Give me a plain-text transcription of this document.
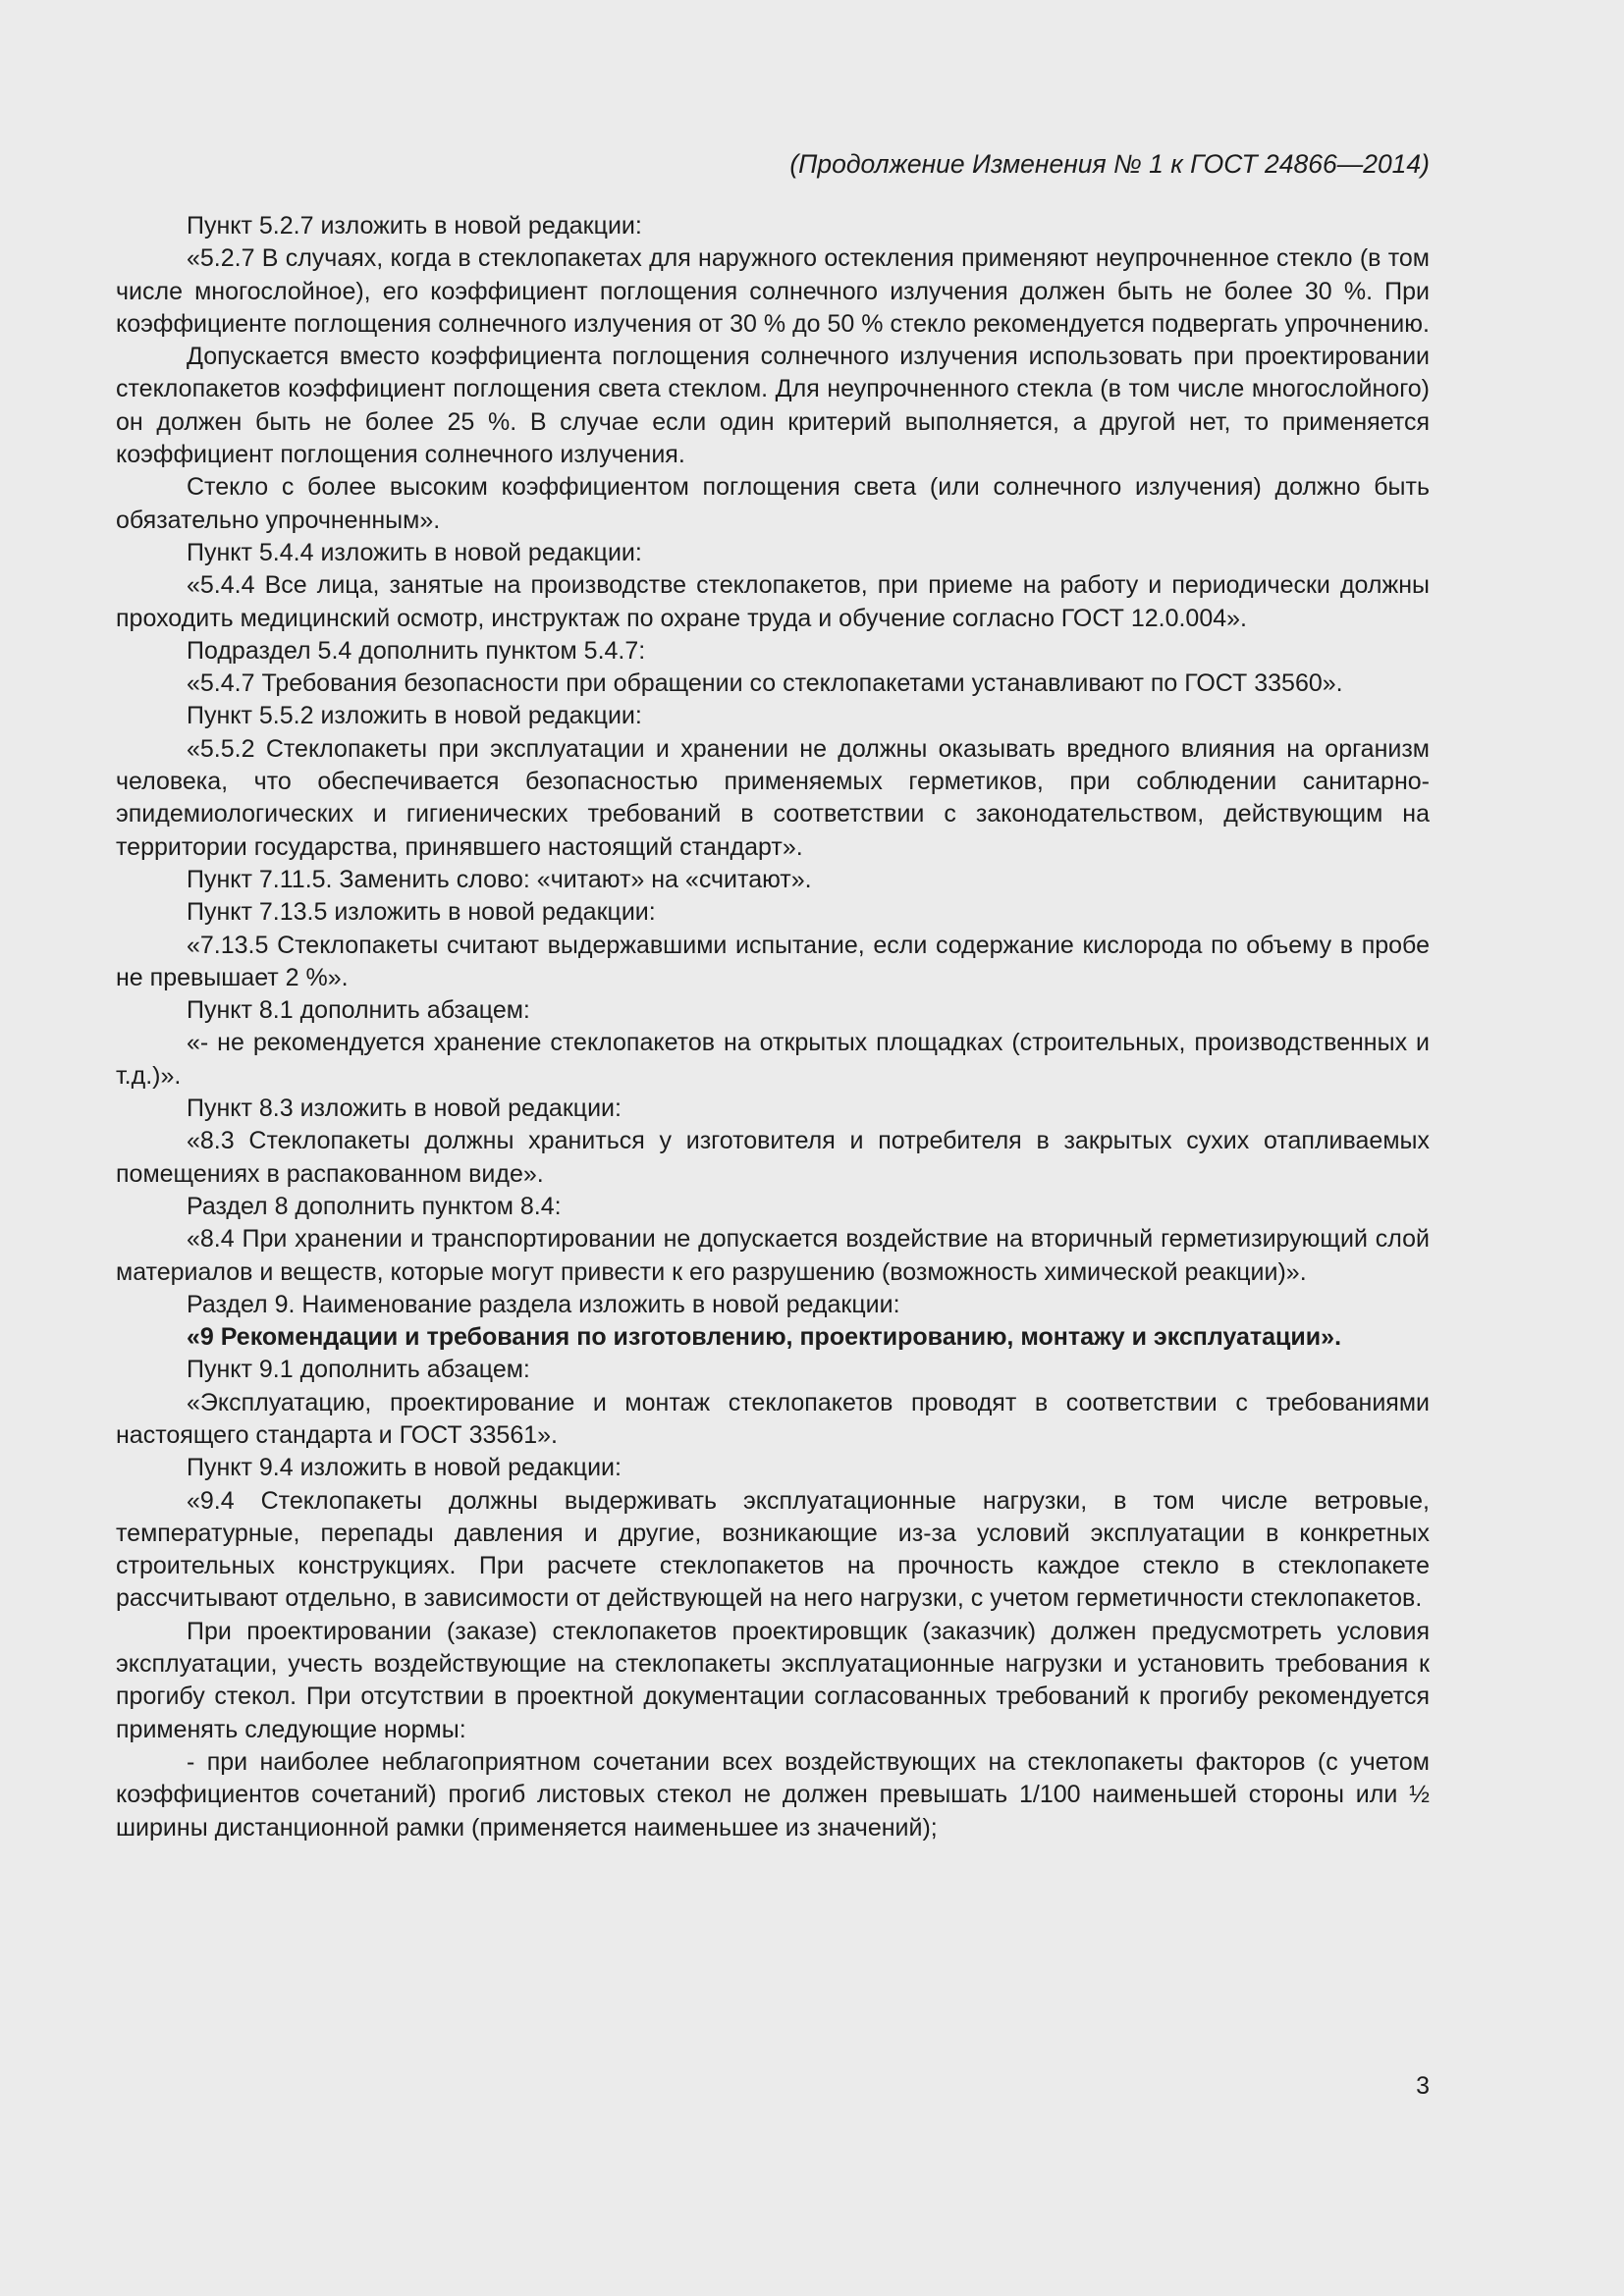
(Продолжение Изменения № 1 к ГОСТ 24866—2014)

Пункт 5.2.7 изложить в новой редакции:

«5.2.7 В случаях, когда в стеклопакетах для наружного остекления применяют неупрочненное стекло (в том числе многослойное), его коэффициент поглощения солнечного излучения должен быть не более 30 %. При коэффициенте поглощения солнечного излучения от 30 % до 50 % стекло рекомендуется подвергать упрочнению.

Допускается вместо коэффициента поглощения солнечного излучения использовать при проектировании стеклопакетов коэффициент поглощения света стеклом. Для неупрочненного стекла (в том числе многослойного) он должен быть не более 25 %. В случае если один критерий выполняется, а другой нет, то применяется коэффициент поглощения солнечного излучения.

Стекло с более высоким коэффициентом поглощения света (или солнечного излучения) должно быть обязательно упрочненным».

Пункт 5.4.4 изложить в новой редакции:

«5.4.4 Все лица, занятые на производстве стеклопакетов, при приеме на работу и периодически должны проходить медицинский осмотр, инструктаж по охране труда и обучение согласно ГОСТ 12.0.004».

Подраздел 5.4 дополнить пунктом 5.4.7:

«5.4.7 Требования безопасности при обращении со стеклопакетами устанавливают по ГОСТ 33560».

Пункт 5.5.2 изложить в новой редакции:

«5.5.2 Стеклопакеты при эксплуатации и хранении не должны оказывать вредного влияния на организм человека, что обеспечивается безопасностью применяемых герметиков, при соблюдении санитарно-эпидемиологических и гигиенических требований в соответствии с законодательством, действующим на территории государства, принявшего настоящий стандарт».

Пункт 7.11.5. Заменить слово: «читают» на «считают».

Пункт 7.13.5 изложить в новой редакции:

«7.13.5 Стеклопакеты считают выдержавшими испытание, если содержание кислорода по объему в пробе не превышает 2 %».

Пункт 8.1 дополнить абзацем:

«- не рекомендуется хранение стеклопакетов на открытых площадках (строительных, производственных и т.д.)».

Пункт 8.3 изложить в новой редакции:

«8.3 Стеклопакеты должны храниться у изготовителя и потребителя в закрытых сухих отапливаемых помещениях в распакованном виде».

Раздел 8 дополнить пунктом 8.4:

«8.4 При хранении и транспортировании не допускается воздействие на вторичный герметизирующий слой материалов и веществ, которые могут привести к его разрушению (возможность химической реакции)».

Раздел 9. Наименование раздела изложить в новой редакции:

«9 Рекомендации и требования по изготовлению, проектированию, монтажу и эксплуатации».

Пункт 9.1 дополнить абзацем:

«Эксплуатацию, проектирование и монтаж стеклопакетов проводят в соответствии с требованиями настоящего стандарта и ГОСТ 33561».

Пункт 9.4 изложить в новой редакции:

«9.4 Стеклопакеты должны выдерживать эксплуатационные нагрузки, в том числе ветровые, температурные, перепады давления и другие, возникающие из-за условий эксплуатации в конкретных строительных конструкциях. При расчете стеклопакетов на прочность каждое стекло в стеклопакете рассчитывают отдельно, в зависимости от действующей на него нагрузки, с учетом герметичности стеклопакетов.

При проектировании (заказе) стеклопакетов проектировщик (заказчик) должен предусмотреть условия эксплуатации, учесть воздействующие на стеклопакеты эксплуатационные нагрузки и установить требования к прогибу стекол. При отсутствии в проектной документации согласованных требований к прогибу рекомендуется применять следующие нормы:

- при наиболее неблагоприятном сочетании всех воздействующих на стеклопакеты факторов (с учетом коэффициентов сочетаний) прогиб листовых стекол не должен превышать 1/100 наименьшей стороны или ½ ширины дистанционной рамки (применяется наименьшее из значений);

3
